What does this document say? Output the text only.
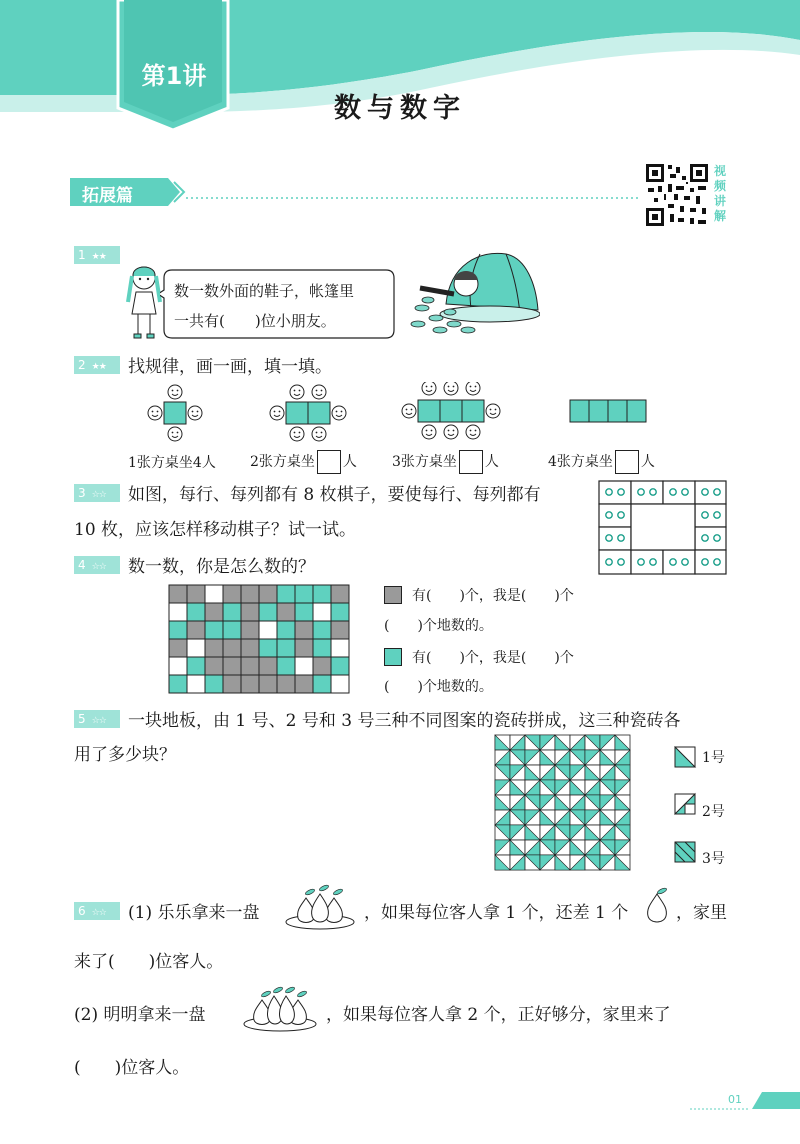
第1讲
数与数字
拓展篇
视
频
讲
解
1 ★★
数一数外面的鞋子，帐篷里
一共有(　　)位小朋友。
2 ★★	找规律，画一画，填一填。
1张方桌坐4人 2张方桌坐 人	3张方桌坐 人	4张方桌坐 人
3 ☆☆	如图，每行、每列都有 8 枚棋子，要使每行、每列都有
10 枚，应该怎样移动棋子？试一试。
4 ☆☆	数一数，你是怎么数的？
有(　　)个，我是(　　)个
(　　)个地数的。
有(　　)个，我是(　　)个
(　　)个地数的。
5 ☆☆	一块地板，由 1 号、2 号和 3 号三种不同图案的瓷砖拼成，这三种瓷砖各
用了多少块？	1号
2号
3号
6 ☆☆	(1) 乐乐拿来一盘	，如果每位客人拿 1 个，还差 1 个	，家里
来了(　　)位客人。
(2) 明明拿来一盘	，如果每位客人拿 2 个，正好够分，家里来了
(　　)位客人。
01
